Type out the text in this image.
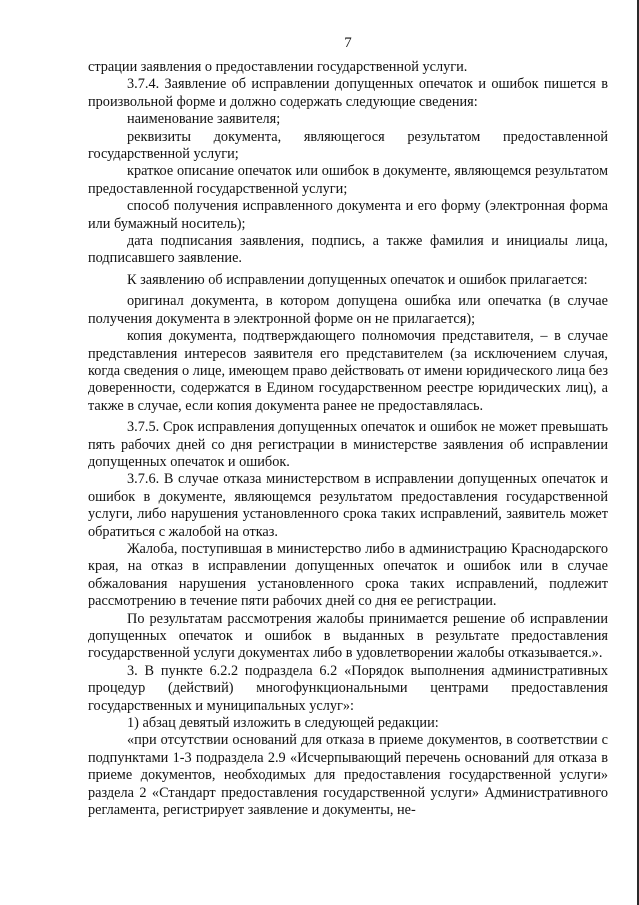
7

страции заявления о предоставлении государственной услуги.

3.7.4. Заявление об исправлении допущенных опечаток и ошибок пишется в произвольной форме и должно содержать следующие сведения:

наименование заявителя;

реквизиты документа, являющегося результатом предоставленной государственной услуги;

краткое описание опечаток или ошибок в документе, являющемся результатом предоставленной государственной услуги;

способ получения исправленного документа и его форму (электронная форма или бумажный носитель);

дата подписания заявления, подпись, а также фамилия и инициалы лица, подписавшего заявление.

К заявлению об исправлении допущенных опечаток и ошибок прилагается:

оригинал документа, в котором допущена ошибка или опечатка (в случае получения документа в электронной форме он не прилагается);

копия документа, подтверждающего полномочия представителя, – в случае представления интересов заявителя его представителем (за исключением случая, когда сведения о лице, имеющем право действовать от имени юридического лица без доверенности, содержатся в Едином государственном реестре юридических лиц), а также в случае, если копия документа ранее не предоставлялась.

3.7.5. Срок исправления допущенных опечаток и ошибок не может превышать пять рабочих дней со дня регистрации в министерстве заявления об исправлении допущенных опечаток и ошибок.

3.7.6. В случае отказа министерством в исправлении допущенных опечаток и ошибок в документе, являющемся результатом предоставления государственной услуги, либо нарушения установленного срока таких исправлений, заявитель может обратиться с жалобой на отказ.

Жалоба, поступившая в министерство либо в администрацию Краснодарского края, на отказ в исправлении допущенных опечаток и ошибок или в случае обжалования нарушения установленного срока таких исправлений, подлежит рассмотрению в течение пяти рабочих дней со дня ее регистрации.

По результатам рассмотрения жалобы принимается решение об исправлении допущенных опечаток и ошибок в выданных в результате предоставления государственной услуги документах либо в удовлетворении жалобы отказывается.».

3. В пункте 6.2.2 подраздела 6.2 «Порядок выполнения административных процедур (действий) многофункциональными центрами предоставления государственных и муниципальных услуг»:

1) абзац девятый изложить в следующей редакции:

«при отсутствии оснований для отказа в приеме документов, в соответствии с подпунктами 1-3 подраздела 2.9 «Исчерпывающий перечень оснований для отказа в приеме документов, необходимых для предоставления государственной услуги» раздела 2 «Стандарт предоставления государственной услуги» Административного регламента, регистрирует заявление и документы, не-
